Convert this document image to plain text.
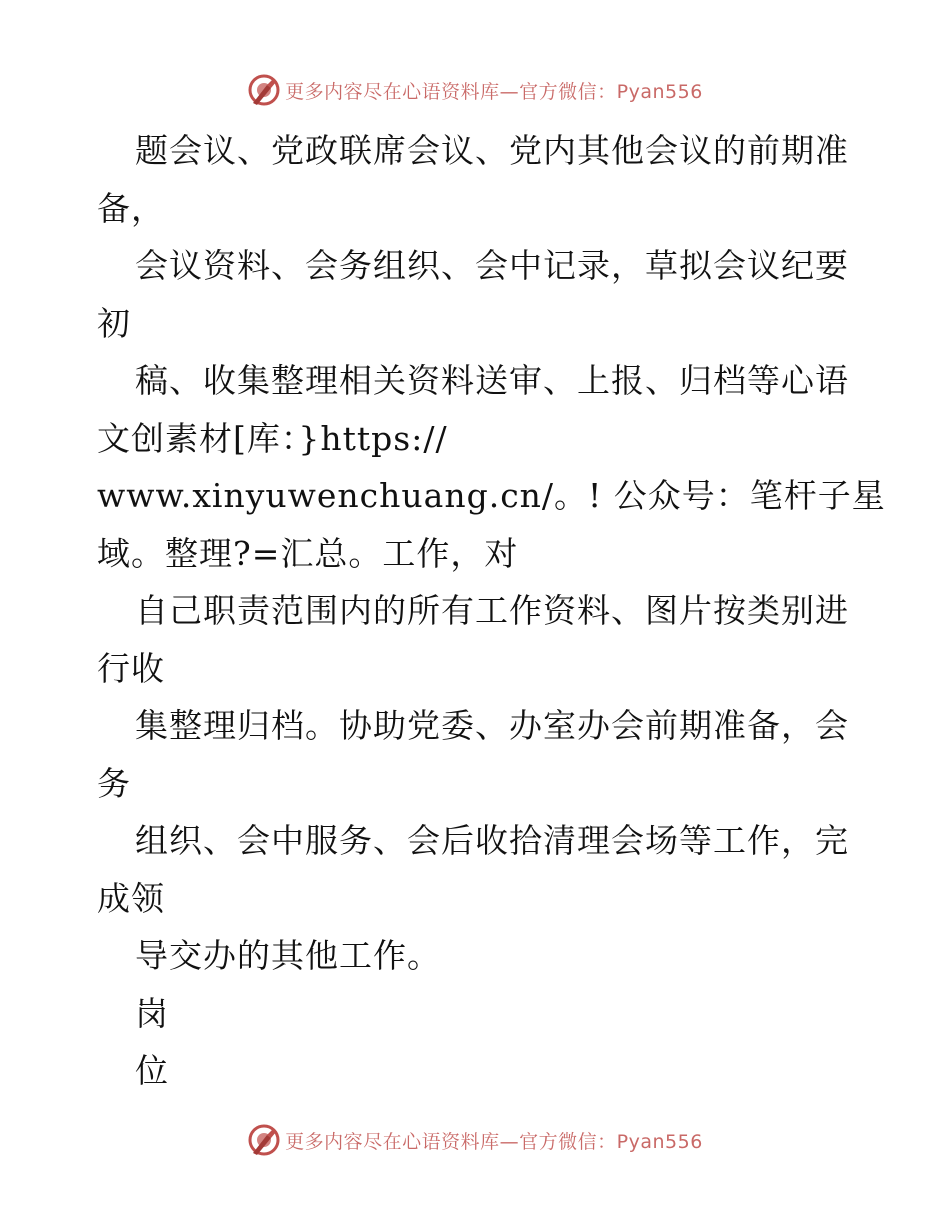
更多内容尽在心语资料库—官方微信：Pyan556
题会议、党政联席会议、党内其他会议的前期准
备，
会议资料、会务组织、会中记录，草拟会议纪要
初
稿、收集整理相关资料送审、上报、归档等心语
文创素材[库：}https://
www.xinyuwenchuang.cn/。! 公众号：笔杆子星
域。整理?=汇总。工作，对
自己职责范围内的所有工作资料、图片按类别进
行收
集整理归档。协助党委、办室办会前期准备，会
务
组织、会中服务、会后收拾清理会场等工作，完
成领
导交办的其他工作。
岗
位
更多内容尽在心语资料库—官方微信：Pyan556
